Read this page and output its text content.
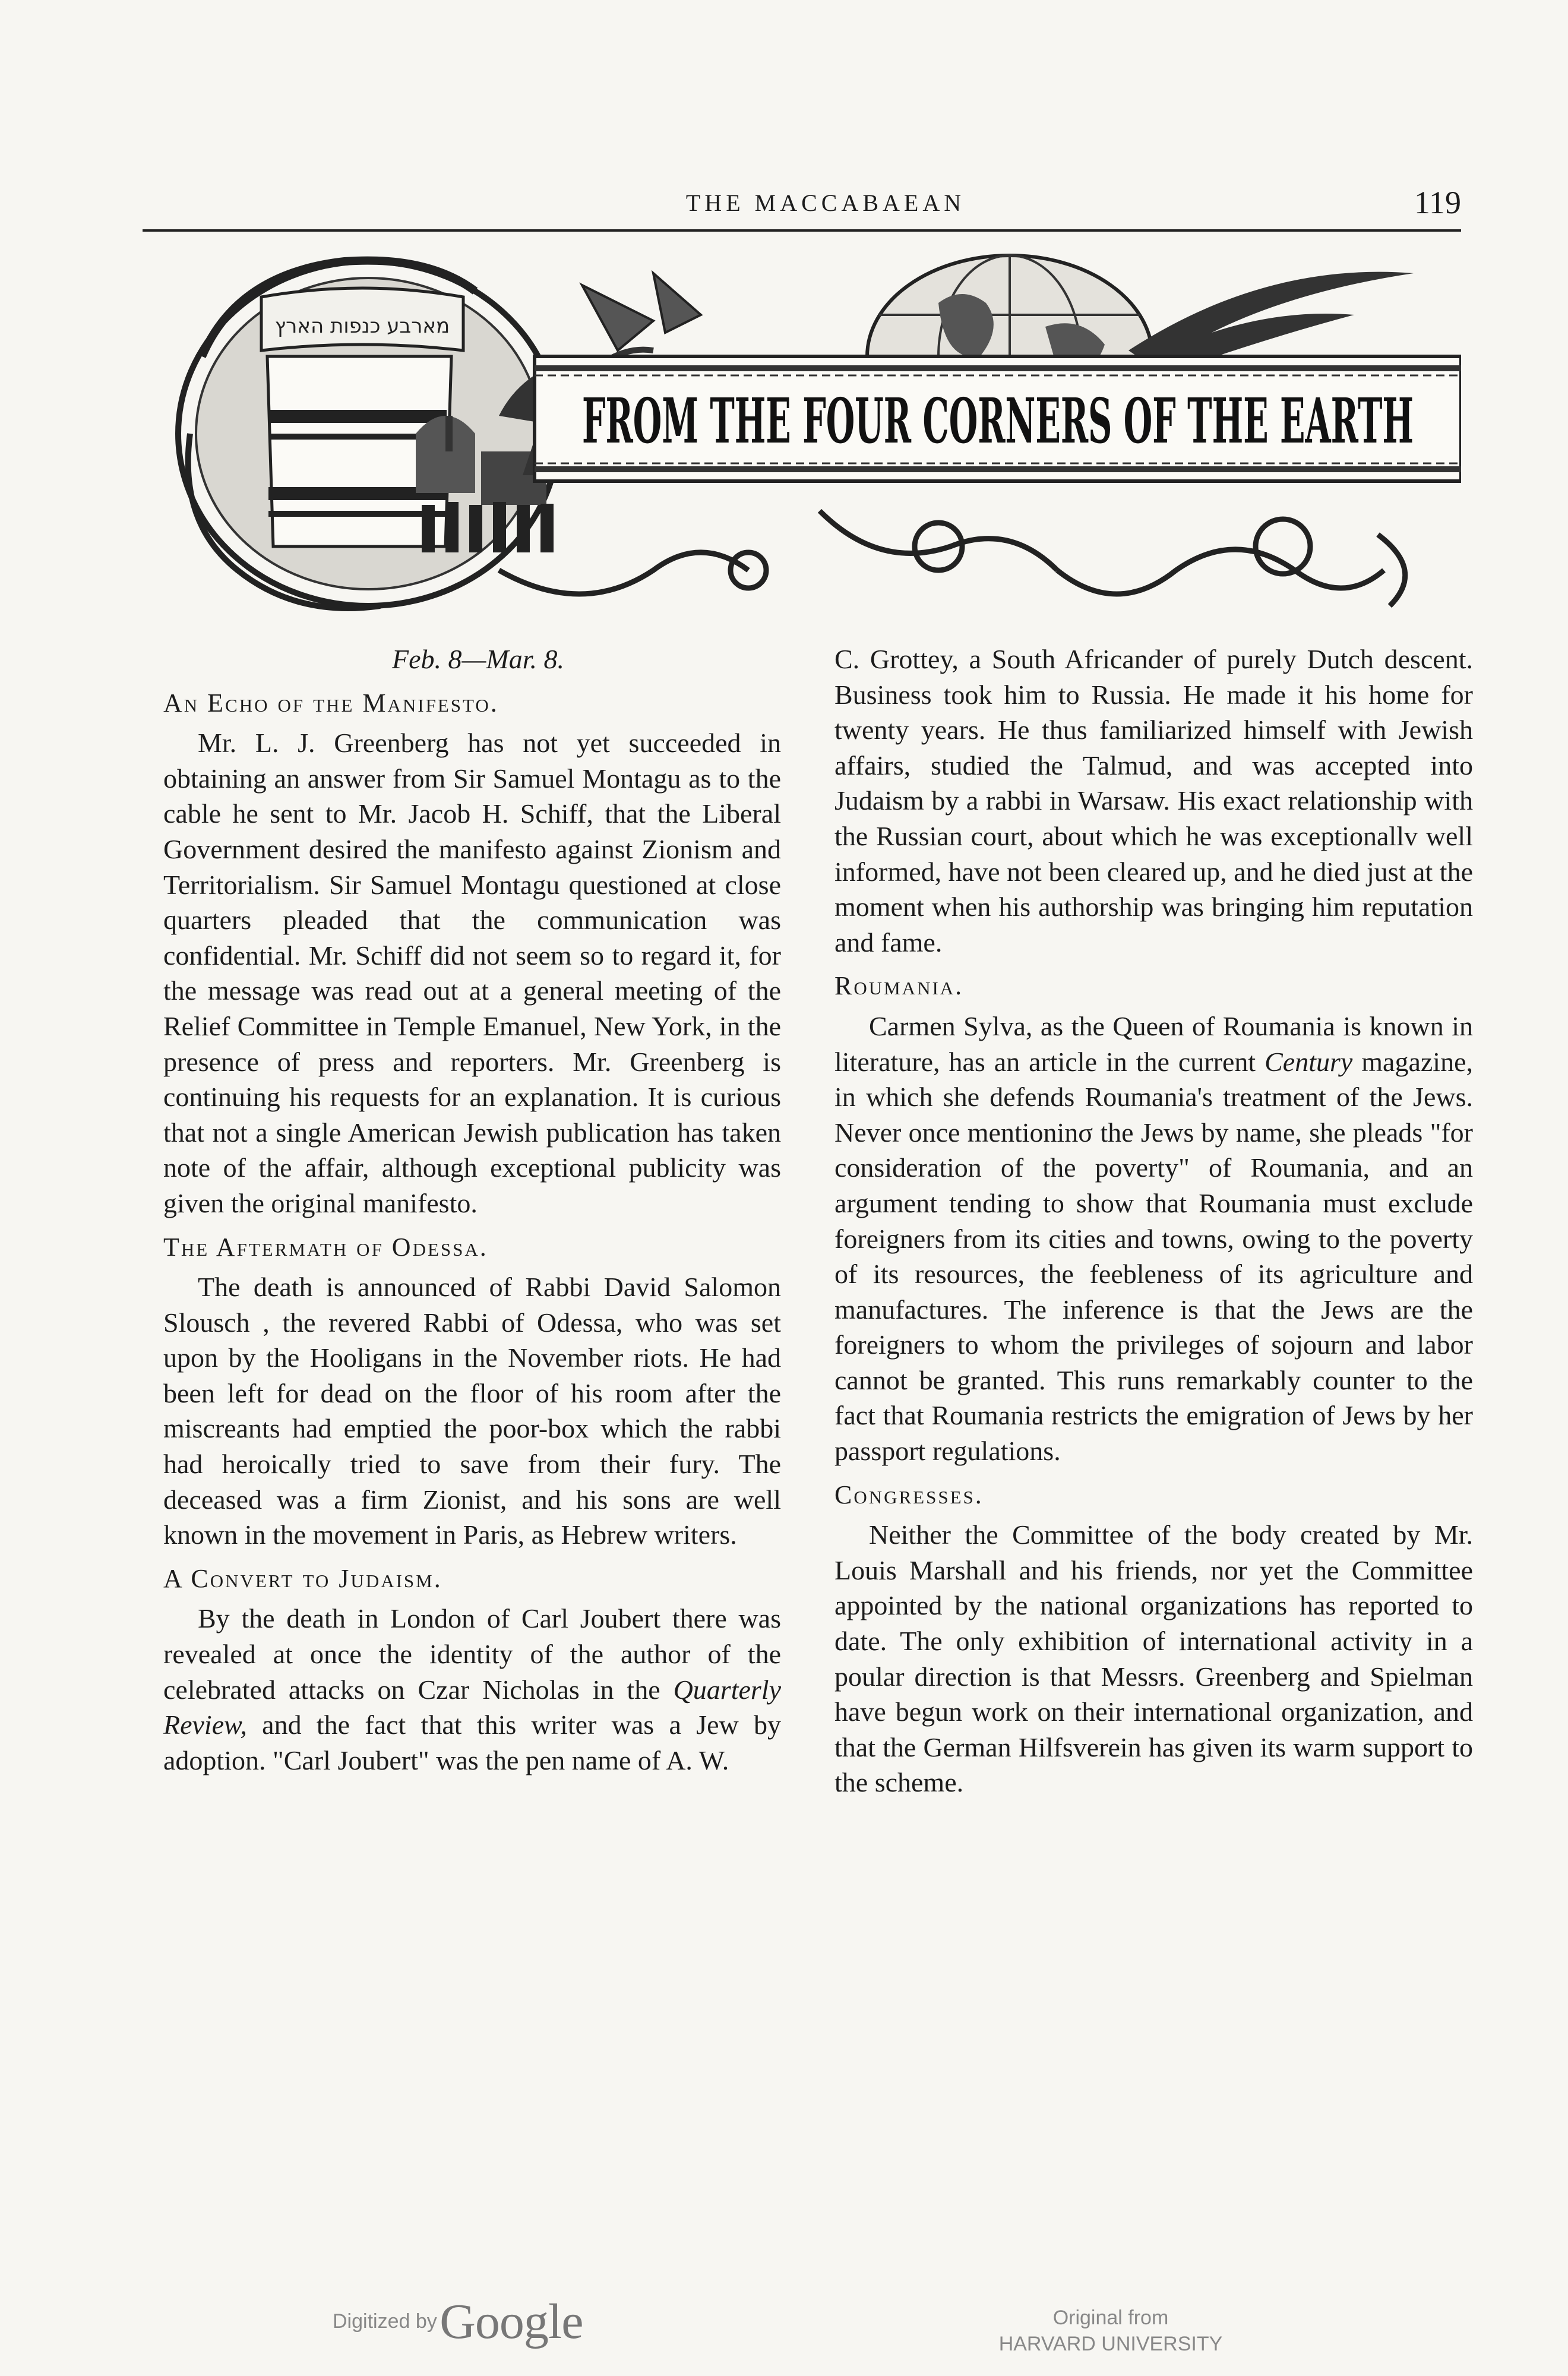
THE MACCABAEAN	119
מארבע כנפות הארץ
FROM THE FOUR CORNERS OF THE EARTH
Feb. 8—Mar. 8.
An Echo of the Manifesto.

Mr. L. J. Greenberg has not yet succeeded in obtaining an answer from Sir Samuel Montagu as to the cable he sent to Mr. Jacob H. Schiff, that the Liberal Government desired the manifesto against Zionism and Territorialism. Sir Samuel Montagu questioned at close quarters pleaded that the communication was confidential. Mr. Schiff did not seem so to regard it, for the message was read out at a general meeting of the Relief Committee in Temple Emanuel, New York, in the presence of press and reporters. Mr. Greenberg is continuing his requests for an explanation. It is curious that not a single American Jewish publication has taken note of the affair, although exceptional publicity was given the original manifesto.

The Aftermath of Odessa.

The death is announced of Rabbi David Salomon Slousch , the revered Rabbi of Odessa, who was set upon by the Hooligans in the November riots. He had been left for dead on the floor of his room after the miscreants had emptied the poor-box which the rabbi had heroically tried to save from their fury. The deceased was a firm Zionist, and his sons are well known in the movement in Paris, as Hebrew writers.

A Convert to Judaism.

By the death in London of Carl Joubert there was revealed at once the identity of the author of the celebrated attacks on Czar Nicholas in the Quarterly Review, and the fact that this writer was a Jew by adoption. "Carl Joubert" was the pen name of A. W.

C. Grottey, a South Africander of purely Dutch descent. Business took him to Russia. He made it his home for twenty years. He thus familiarized himself with Jewish affairs, studied the Talmud, and was accepted into Judaism by a rabbi in Warsaw. His exact relationship with the Russian court, about which he was exceptionallv well informed, have not been cleared up, and he died just at the moment when his authorship was bringing him reputation and fame.

Roumania.

Carmen Sylva, as the Queen of Roumania is known in literature, has an article in the current Century magazine, in which she defends Roumania's treatment of the Jews. Never once mentioninσ the Jews by name, she pleads "for consideration of the poverty" of Roumania, and an argument tending to show that Roumania must exclude foreigners from its cities and towns, owing to the poverty of its resources, the feebleness of its agriculture and manufactures. The inference is that the Jews are the foreigners to whom the privileges of sojourn and labor cannot be granted. This runs remarkably counter to the fact that Roumania restricts the emigration of Jews by her passport regulations.

Congresses.

Neither the Committee of the body created by Mr. Louis Marshall and his friends, nor yet the Committee appointed by the national organizations has reported to date. The only exhibition of international activity in a poular direction is that Messrs. Greenberg and Spielman have begun work on their international organization, and that the German Hilfsverein has given its warm support to the scheme.

Digitized by Google	Original from
HARVARD UNIVERSITY
